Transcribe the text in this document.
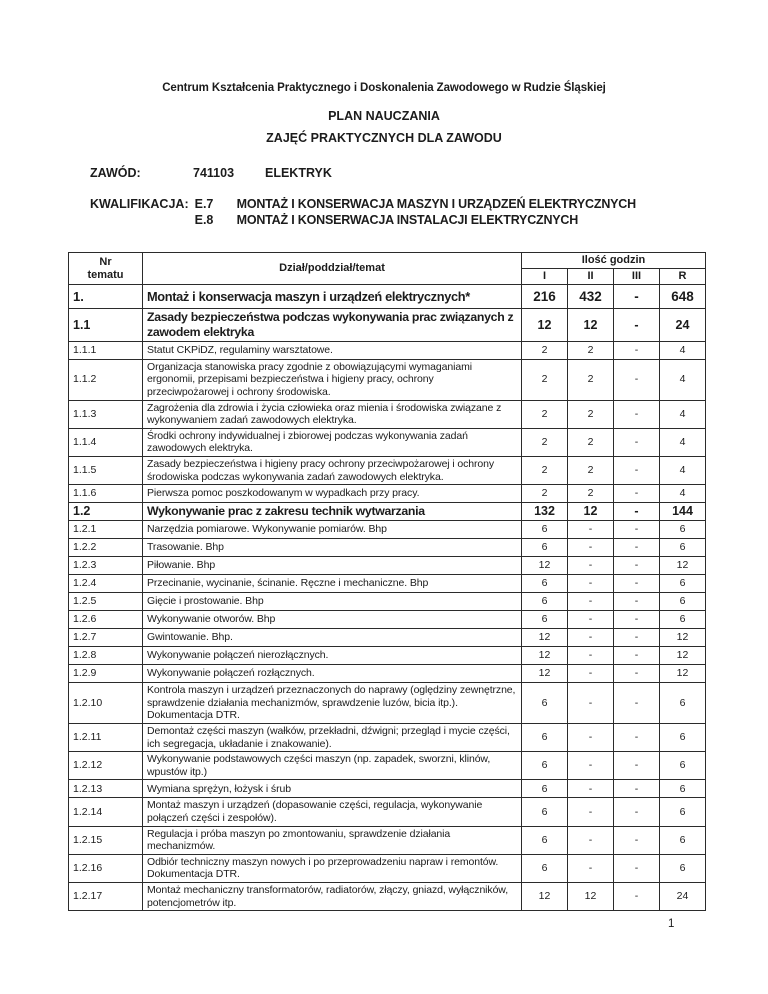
Centrum Kształcenia Praktycznego i Doskonalenia Zawodowego w Rudzie Śląskiej
PLAN NAUCZANIA
ZAJĘĆ PRAKTYCZNYCH DLA ZAWODU
ZAWÓD:	741103	ELEKTRYK
KWALIFIKACJA: E.7	MONTAŻ I KONSERWACJA MASZYN I URZĄDZEŃ ELEKTRYCZNYCH
E.8	MONTAŻ I KONSERWACJA INSTALACJI ELEKTRYCZNYCH
Nr tematu	Dział/poddział/temat	Ilość godzin			
		I	II	III	R
1.	Montaż i konserwacja maszyn i urządzeń elektrycznych*	216	432	-	648
1.1	Zasady bezpieczeństwa podczas wykonywania prac związanych z zawodem elektryka	12	12	-	24
1.1.1	Statut CKPiDZ, regulaminy warsztatowe.	2	2	-	4
1.1.2	Organizacja stanowiska pracy zgodnie z obowiązującymi wymaganiami ergonomii, przepisami bezpieczeństwa i higieny pracy, ochrony przeciwpożarowej i ochrony środowiska.	2	2	-	4
1.1.3	Zagrożenia dla zdrowia i życia człowieka oraz mienia i środowiska związane z wykonywaniem zadań zawodowych elektryka.	2	2	-	4
1.1.4	Środki ochrony indywidualnej i zbiorowej podczas wykonywania zadań zawodowych elektryka.	2	2	-	4
1.1.5	Zasady bezpieczeństwa i higieny pracy ochrony przeciwpożarowej i ochrony środowiska podczas wykonywania zadań zawodowych elektryka.	2	2	-	4
1.1.6	Pierwsza pomoc poszkodowanym w wypadkach przy pracy.	2	2	-	4
1.2	Wykonywanie prac z zakresu technik wytwarzania	132	12	-	144
1.2.1	Narzędzia pomiarowe. Wykonywanie pomiarów. Bhp	6	-	-	6
1.2.2	Trasowanie. Bhp	6	-	-	6
1.2.3	Piłowanie. Bhp	12	-	-	12
1.2.4	Przecinanie, wycinanie, ścinanie. Ręczne i mechaniczne. Bhp	6	-	-	6
1.2.5	Gięcie i prostowanie. Bhp	6	-	-	6
1.2.6	Wykonywanie otworów. Bhp	6	-	-	6
1.2.7	Gwintowanie. Bhp.	12	-	-	12
1.2.8	Wykonywanie połączeń nierozłącznych.	12	-	-	12
1.2.9	Wykonywanie połączeń rozłącznych.	12	-	-	12
1.2.10	Kontrola maszyn i urządzeń przeznaczonych do naprawy (oględziny zewnętrzne, sprawdzenie działania mechanizmów, sprawdzenie luzów, bicia itp.). Dokumentacja DTR.	6	-	-	6
1.2.11	Demontaż części maszyn (wałków, przekładni, dźwigni; przegląd i mycie części, ich segregacja, układanie i znakowanie).	6	-	-	6
1.2.12	Wykonywanie podstawowych części maszyn (np. zapadek, sworzni, klinów, wpustów itp.)	6	-	-	6
1.2.13	Wymiana sprężyn, łożysk i śrub	6	-	-	6
1.2.14	Montaż maszyn i urządzeń (dopasowanie części, regulacja, wykonywanie połączeń części i zespołów).	6	-	-	6
1.2.15	Regulacja i próba maszyn po zmontowaniu, sprawdzenie działania mechanizmów.	6	-	-	6
1.2.16	Odbiór techniczny maszyn nowych i po przeprowadzeniu napraw i remontów. Dokumentacja DTR.	6	-	-	6
1.2.17	Montaż mechaniczny transformatorów, radiatorów, złączy, gniazd, wyłączników, potencjometrów itp.	12	12	-	24
1
